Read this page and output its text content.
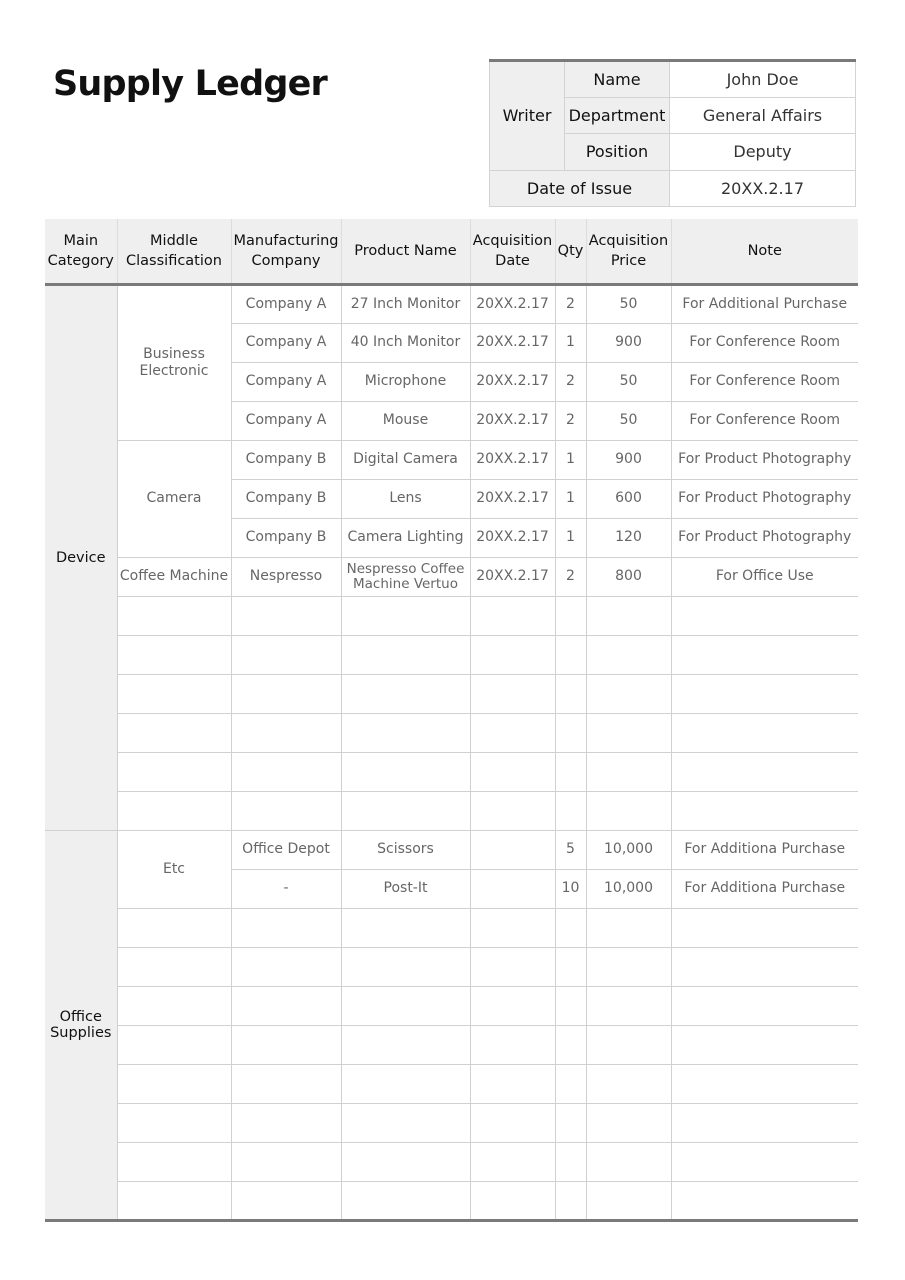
Supply Ledger
Writer	Name	John Doe
	Department	General Affairs
	Position	Deputy
Date of Issue		20XX.2.17
Main Category	Middle Classification	Manufacturing Company	Product Name	Acquisition Date	Qty	Acquisition Price	Note
Device	Business Electronic	Company A	27 Inch Monitor	20XX.2.17	2	50	For Additional Purchase
		Company A	40 Inch Monitor	20XX.2.17	1	900	For Conference Room
		Company A	Microphone	20XX.2.17	2	50	For Conference Room
		Company A	Mouse	20XX.2.17	2	50	For Conference Room
	Camera	Company B	Digital Camera	20XX.2.17	1	900	For Product Photography
		Company B	Lens	20XX.2.17	1	600	For Product Photography
		Company B	Camera Lighting	20XX.2.17	1	120	For Product Photography
	Coffee Machine	Nespresso	Nespresso Coffee Machine Vertuo	20XX.2.17	2	800	For Office Use

Office Supplies	Etc	Office Depot	Scissors		5	10,000	For Additiona Purchase
		-	Post-It		10	10,000	For Additiona Purchase
